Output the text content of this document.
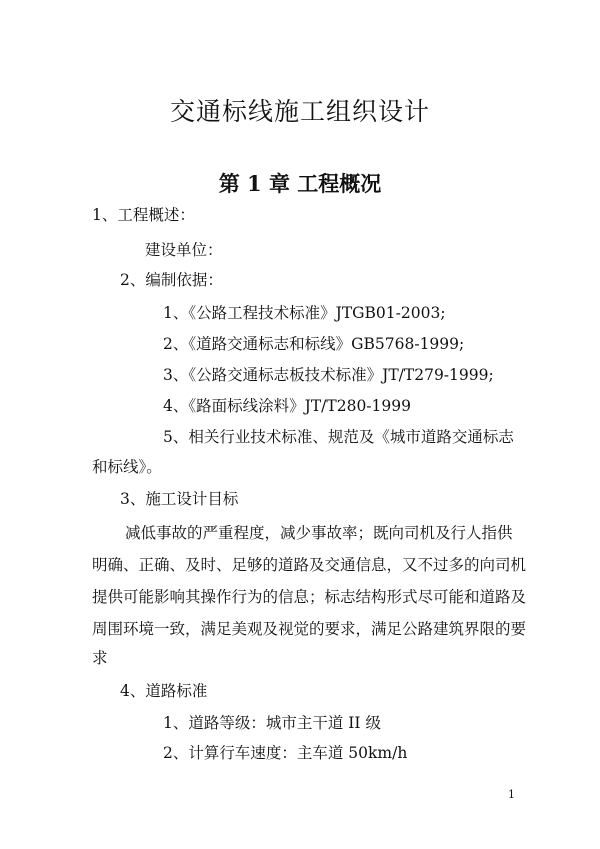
交通标线施工组织设计
第 1 章 工程概况
1、工程概述：
建设单位：
2、编制依据：
1、《公路工程技术标准》JTGB01-2003;
2、《道路交通标志和标线》GB5768-1999;
3、《公路交通标志板技术标准》JT/T279-1999;
4、《路面标线涂料》JT/T280-1999
5、相关行业技术标准、规范及《城市道路交通标志
和标线》。
3、施工设计目标
减低事故的严重程度，减少事故率；既向司机及行人指供
明确、正确、及时、足够的道路及交通信息，又不过多的向司机
提供可能影响其操作行为的信息；标志结构形式尽可能和道路及
周围环境一致，满足美观及视觉的要求，满足公路建筑界限的要
求
4、道路标准
1、道路等级：城市主干道 II 级
2、计算行车速度：主车道 50km/h
1
